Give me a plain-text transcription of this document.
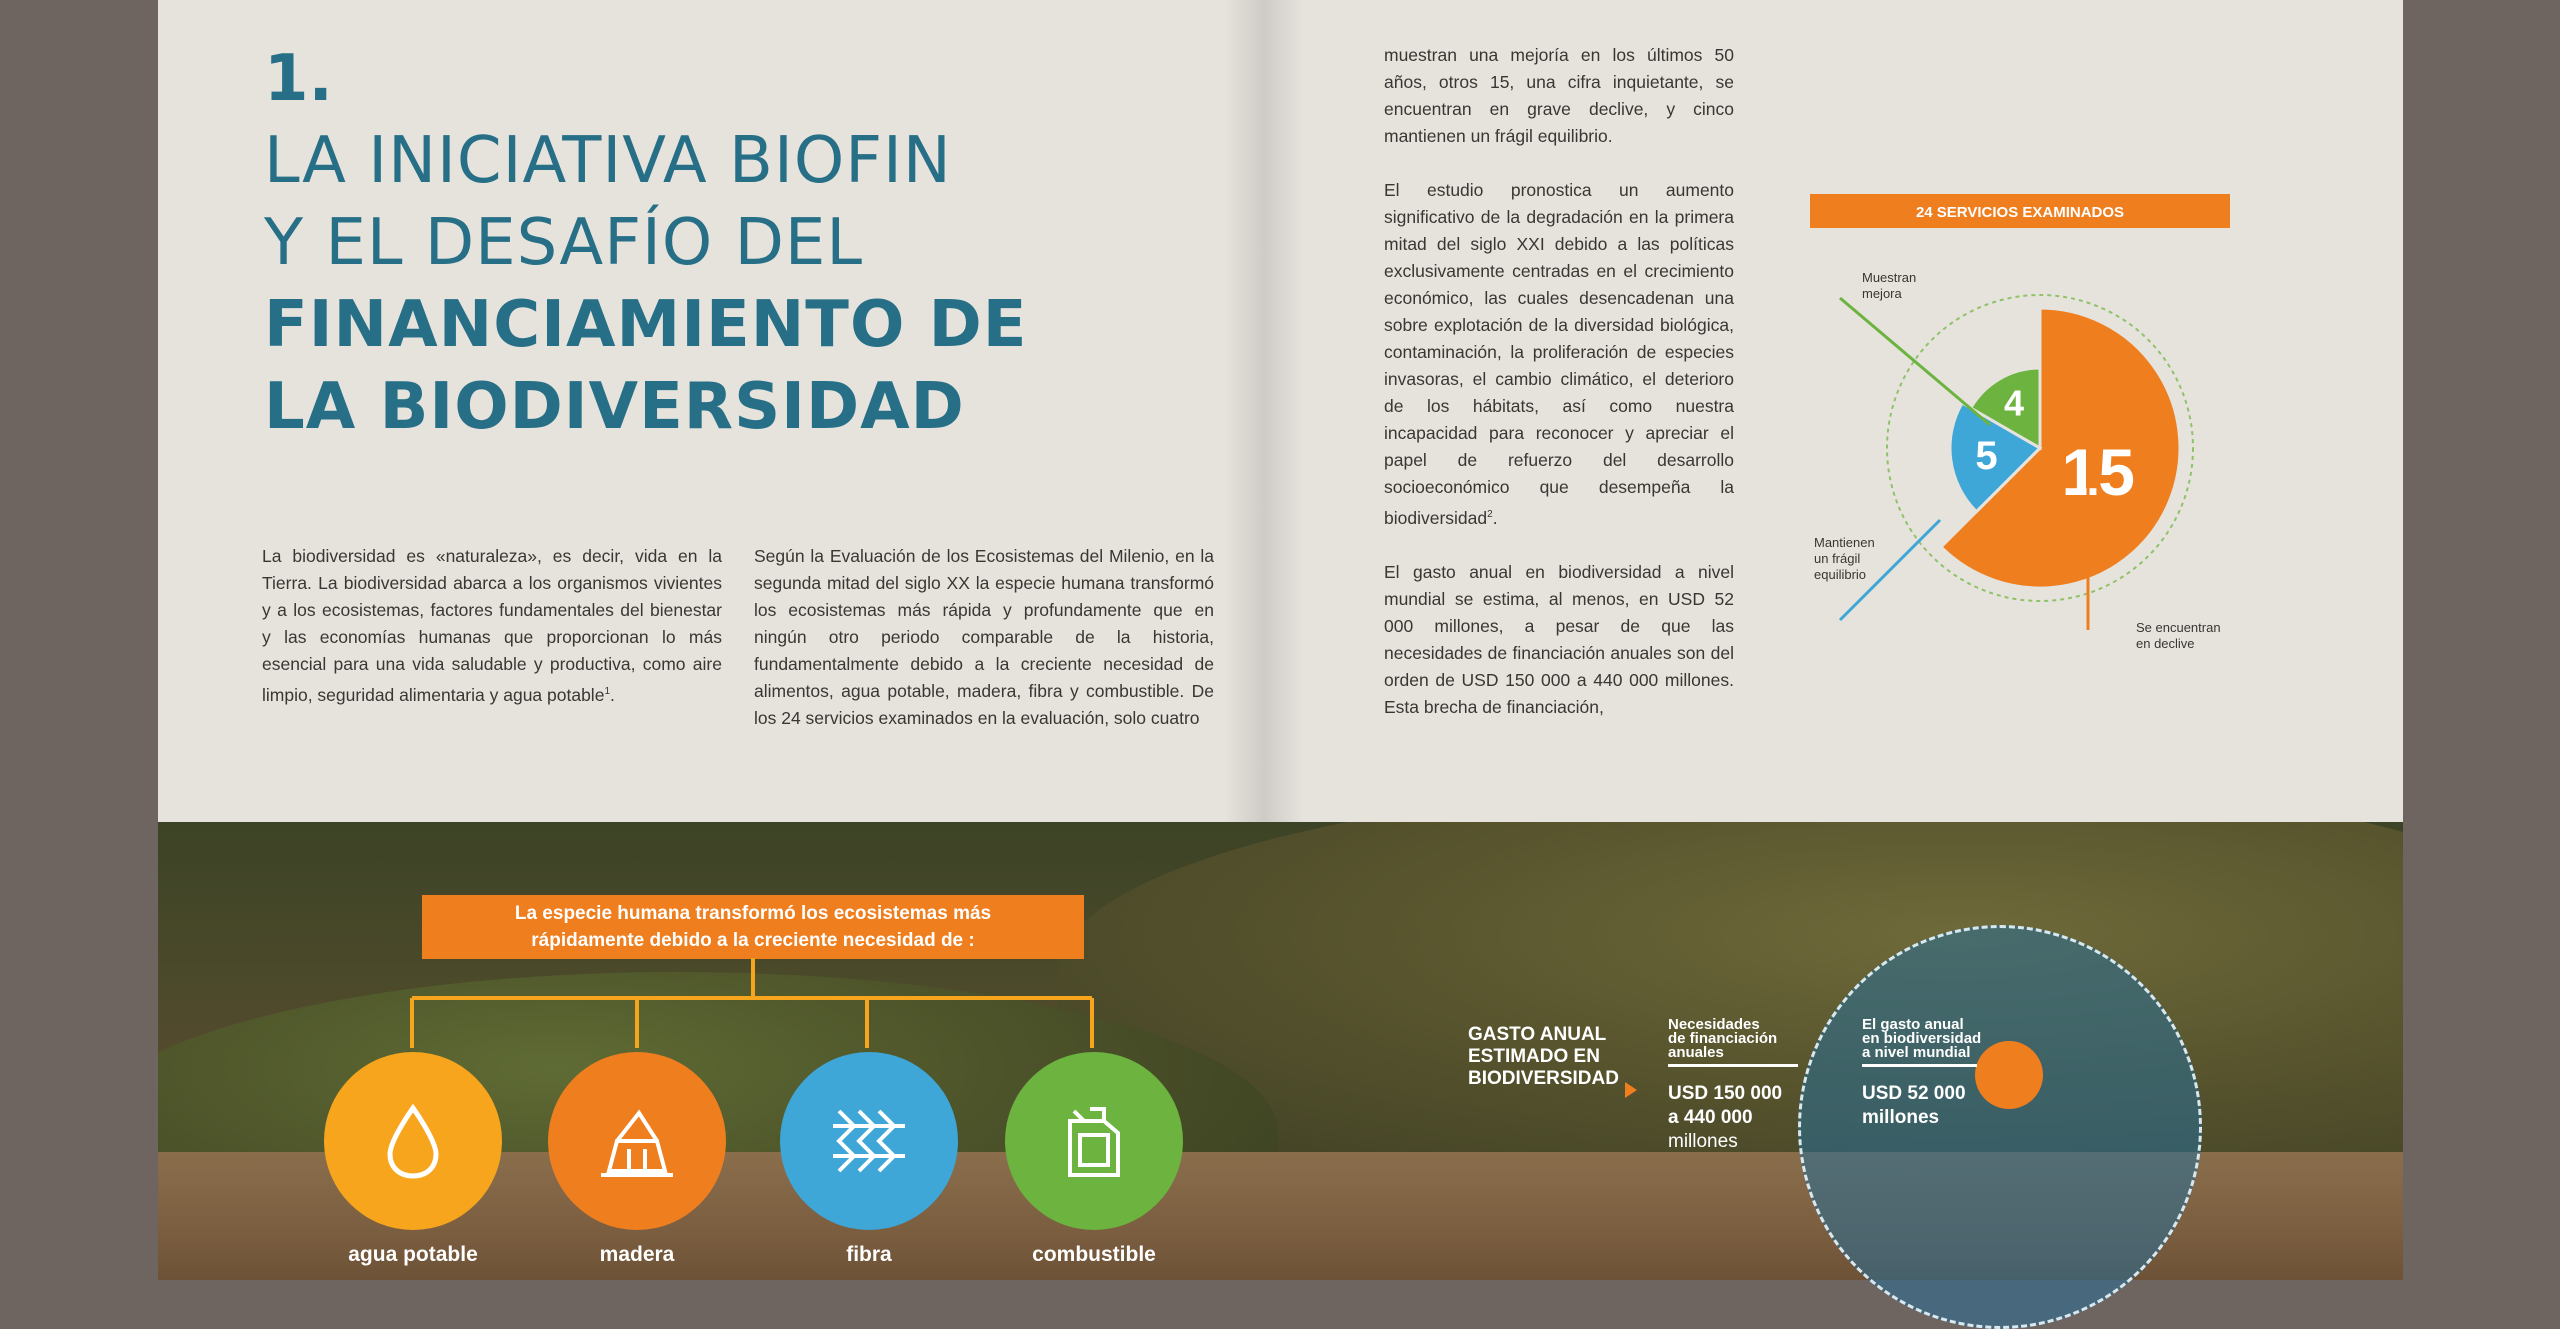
1.
LA INICIATIVA BIOFIN
Y EL DESAFÍO DEL
FINANCIAMIENTO DE
LA BIODIVERSIDAD
La biodiversidad es «naturaleza», es decir, vida en la Tierra. La biodiversidad abarca a los organismos vivientes y a los ecosistemas, factores fundamentales del bienestar y las economías humanas que proporcionan lo más esencial para una vida saludable y productiva, como aire limpio, seguridad alimentaria y agua potable$^1$.
Según la Evaluación de los Ecosistemas del Milenio, en la segunda mitad del siglo XX la especie humana transformó los ecosistemas más rápida y profundamente que en ningún otro periodo comparable de la historia, fundamentalmente debido a la creciente necesidad de alimentos, agua potable, madera, fibra y combustible. De los 24 servicios examinados en la evaluación, solo cuatro

muestran una mejoría en los últimos 50 años, otros 15, una cifra inquietante, se encuentran en grave declive, y cinco mantienen un frágil equilibrio.

El estudio pronostica un aumento significativo de la degradación en la primera mitad del siglo XXI debido a las políticas exclusivamente centradas en el crecimiento económico, las cuales desencadenan una sobre explotación de la diversidad biológica, contaminación, la proliferación de especies invasoras, el cambio climático, el deterioro de los hábitats, así como nuestra incapacidad para reconocer y apreciar el papel de refuerzo del desarrollo socioeconómico que desempeña la biodiversidad$^2$.

El gasto anual en biodiversidad a nivel mundial se estima, al menos, en USD 52 000 millones, a pesar de que las necesidades de financiación anuales son del orden de USD 150 000 a 440 000 millones. Esta brecha de financiación,

24 SERVICIOS EXAMINADOS
15
5
4
Muestran mejora
Mantienen un frágil equilibrio
Se encuentran en declive
La especie humana transformó los ecosistemas más
rápidamente debido a la creciente necesidad de :
agua potable	madera	fibra	combustible
GASTO ANUAL
ESTIMADO EN
BIODIVERSIDAD
Necesidades
de financiación
anuales
USD 150 000
a 440 000
millones
El gasto anual
en biodiversidad
a nivel mundial
USD 52 000
millones
